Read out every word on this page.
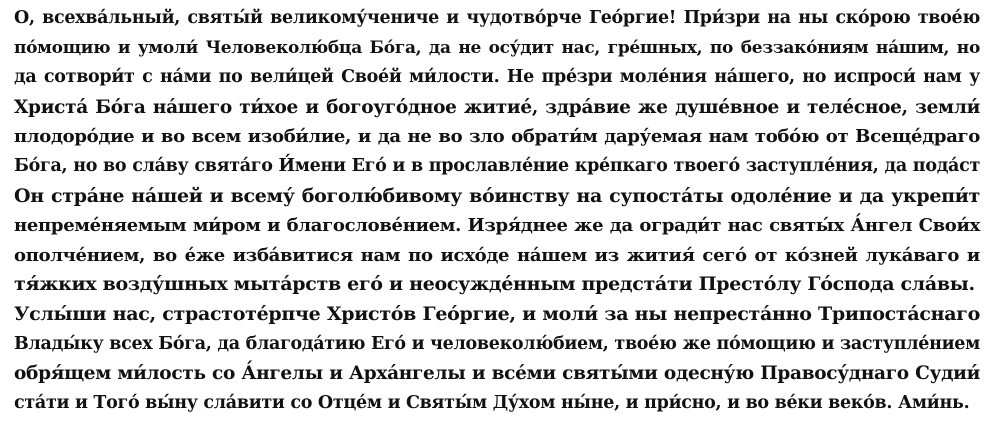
О, всехва́льный, святы́й великому́чениче и чудотво́рче Гео́ргие! При́зри на ны ско́рою твое́ю
по́мощию и умоли́ Человеколю́бца Бо́га, да не осу́дит нас, гре́шных, по беззако́ниям на́шим, но
да сотвори́т с на́ми по вели́цей Свое́й ми́лости. Не пре́зри моле́ния на́шего, но испроси́ нам у
Христа́ Бо́га на́шего ти́хое и богоуго́дное житие́, здра́вие же душе́вное и теле́сное, земли́
плодоро́дие и во всем изоби́лие, и да не во зло обрати́м дару́емая нам тобо́ю от Всеще́драго
Бо́га, но во сла́ву свята́го И́мени Его́ и в прославле́ние кре́пкаго твоего́ заступле́ния, да пода́ст
Он стра́не на́шей и всему́ боголю́бивому во́инству на супоста́ты одоле́ние и да укрепи́т
непреме́няемым ми́ром и благослове́нием. Изря́днее же да огради́т нас святы́х А́нгел Свои́х
ополче́нием, во е́же изба́витися нам по исхо́де на́шем из жития́ сего́ от ко́зней лука́ваго и
тя́жких возду́шных мыта́рств его́ и неосужде́нным предста́ти Престо́лу Го́спода сла́вы.
Услы́ши нас, страстоте́рпче Христо́в Гео́ргие, и моли́ за ны непреста́нно Трипоста́снаго
Влады́ку всех Бо́га, да благода́тию Его́ и человеколю́бием, твое́ю же по́мощию и заступле́нием
обря́щем ми́лость со А́нгелы и Арха́нгелы и все́ми святы́ми одесну́ю Правосу́днаго Судии́
ста́ти и Того́ вы́ну сла́вити со Отце́м и Святы́м Ду́хом ны́не, и при́сно, и во ве́ки веко́в. Ами́нь.
